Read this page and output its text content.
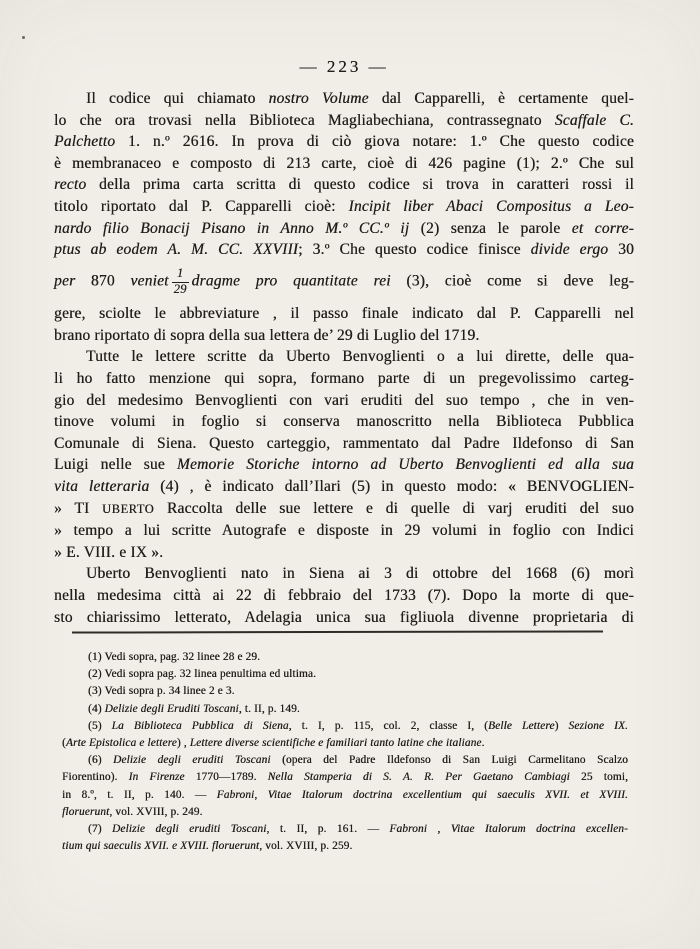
— 223 —
Il codice qui chiamato nostro Volume dal Capparelli, è certamente quel-
lo che ora trovasi nella Biblioteca Magliabechiana, contrassegnato Scaffale C.
Palchetto 1. n.º 2616. In prova di ciò giova notare: 1.º Che questo codice
è membranaceo e composto di 213 carte, cioè di 426 pagine (1); 2.º Che sul
recto della prima carta scritta di questo codice si trova in caratteri rossi il
titolo riportato dal P. Capparelli cioè: Incipit liber Abaci Compositus a Leo-
nardo filio Bonacij Pisano in Anno M.º CC.º ij (2) senza le parole et corre-
ptus ab eodem A. M. CC. XXVIII; 3.º Che questo codice finisce divide ergo 30
per 870 veniet $\frac{1}{29}$ dragme pro quantitate rei (3), cioè come si deve leg-
gere, sciolte le abbreviature , il passo finale indicato dal P. Capparelli nel
brano riportato di sopra della sua lettera de’ 29 di Luglio del 1719.
Tutte le lettere scritte da Uberto Benvoglienti o a lui dirette, delle qua-
li ho fatto menzione qui sopra, formano parte di un pregevolissimo carteg-
gio del medesimo Benvoglienti con vari eruditi del suo tempo , che in ven-
tinove volumi in foglio si conserva manoscritto nella Biblioteca Pubblica
Comunale di Siena. Questo carteggio, rammentato dal Padre Ildefonso di San
Luigi nelle sue Memorie Storiche intorno ad Uberto Benvoglienti ed alla sua
vita letteraria (4) , è indicato dall’Ilari (5) in questo modo: « BENVOGLIEN-
» TI UBERTO Raccolta delle sue lettere e di quelle di varj eruditi del suo
» tempo a lui scritte Autografe e disposte in 29 volumi in foglio con Indici
» E. VIII. e IX ».
Uberto Benvoglienti nato in Siena ai 3 di ottobre del 1668 (6) morì
nella medesima città ai 22 di febbraio del 1733 (7). Dopo la morte di que-
sto chiarissimo letterato, Adelagia unica sua figliuola divenne proprietaria di
(1) Vedi sopra, pag. 32 linee 28 e 29.
(2) Vedi sopra pag. 32 linea penultima ed ultima.
(3) Vedi sopra p. 34 linee 2 e 3.
(4) Delizie degli Eruditi Toscani, t. II, p. 149.
(5) La Biblioteca Pubblica di Siena, t. I, p. 115, col. 2, classe I, (Belle Lettere) Sezione IX.
(Arte Epistolica e lettere) , Lettere diverse scientifiche e familiari tanto latine che italiane.
(6) Delizie degli eruditi Toscani (opera del Padre Ildefonso di San Luigi Carmelitano Scalzo
Fiorentino). In Firenze 1770—1789. Nella Stamperia di S. A. R. Per Gaetano Cambiagi 25 tomi,
in 8.º, t. II, p. 140. — Fabroni, Vitae Italorum doctrina excellentium qui saeculis XVII. et XVIII.
floruerunt, vol. XVIII, p. 249.
(7) Delizie degli eruditi Toscani, t. II, p. 161. — Fabroni , Vitae Italorum doctrina excellen-
tium qui saeculis XVII. e XVIII. floruerunt, vol. XVIII, p. 259.
